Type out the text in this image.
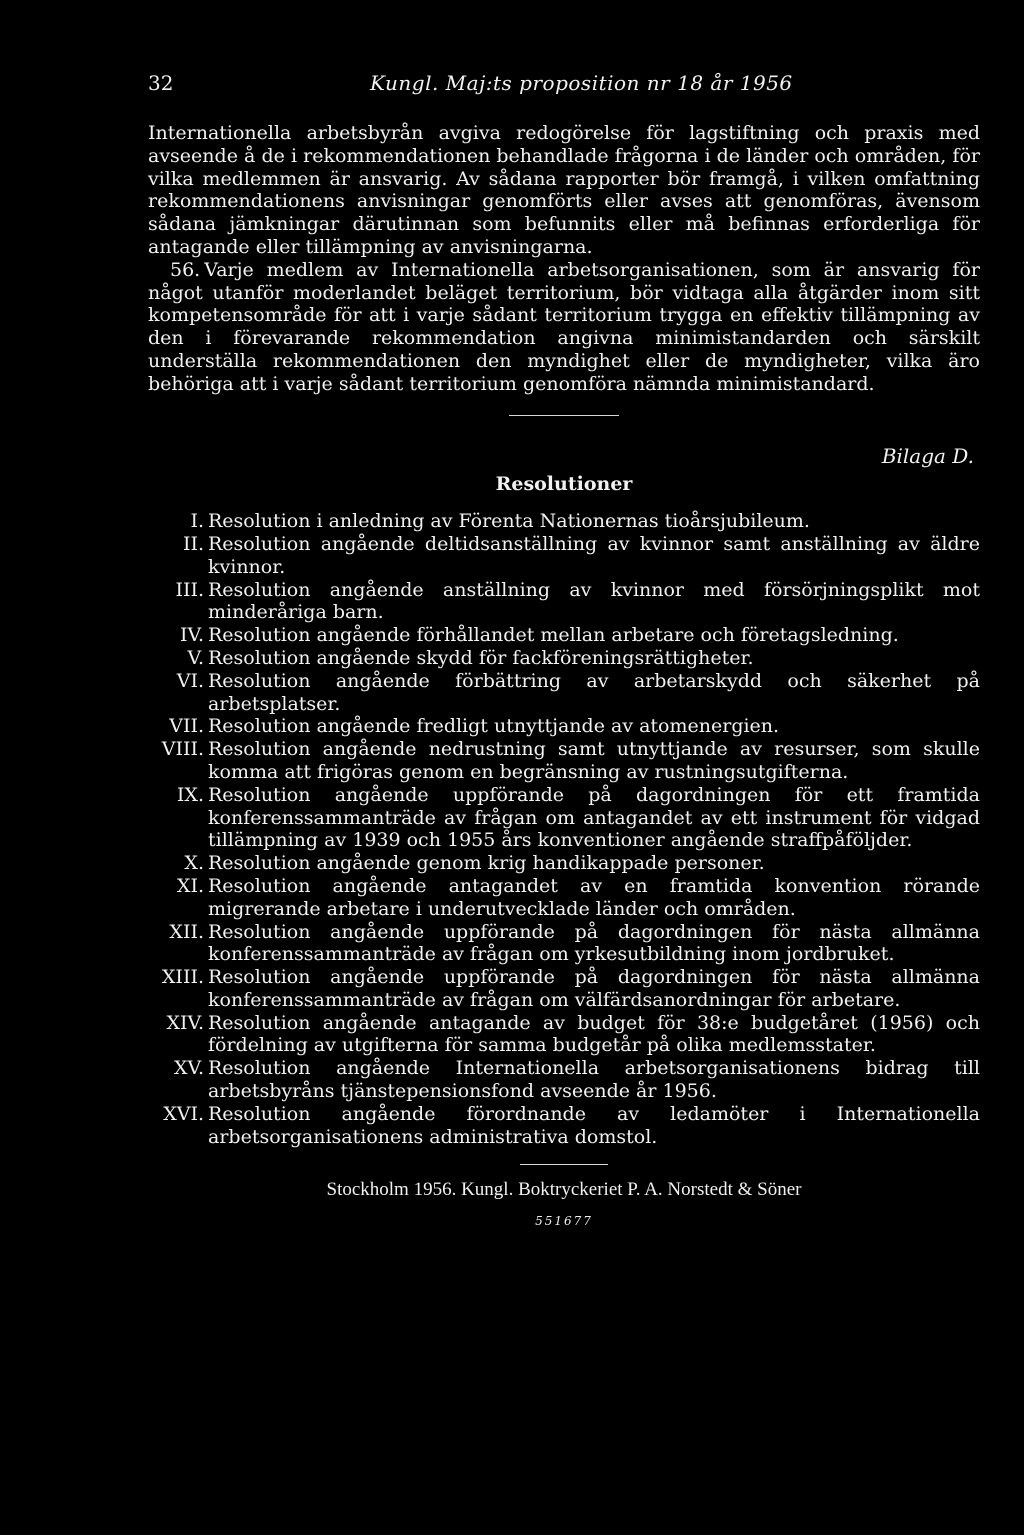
32	Kungl. Maj:ts proposition nr 18 år 1956

Internationella arbetsbyrån avgiva redogörelse för lagstiftning och praxis med avseende å de i rekommendationen behandlade frågorna i de länder och områden, för vilka medlemmen är ansvarig. Av sådana rapporter bör framgå, i vilken omfattning rekommendationens anvisningar genomförts eller avses att genomföras, ävensom sådana jämkningar därutinnan som befunnits eller må befinnas erforderliga för antagande eller tillämpning av anvisningarna.

56. Varje medlem av Internationella arbetsorganisationen, som är ansvarig för något utanför moderlandet beläget territorium, bör vidtaga alla åtgärder inom sitt kompetensområde för att i varje sådant territorium trygga en effektiv tillämpning av den i förevarande rekommendation angivna minimistandarden och särskilt underställa rekommendationen den myndighet eller de myndigheter, vilka äro behöriga att i varje sådant territorium genomföra nämnda minimistandard.

Bilaga D.
Resolutioner
I. Resolution i anledning av Förenta Nationernas tioårsjubileum.
II. Resolution angående deltidsanställning av kvinnor samt anställning av äldre kvinnor.
III. Resolution angående anställning av kvinnor med försörjningsplikt mot minderåriga barn.
IV. Resolution angående förhållandet mellan arbetare och företagsledning.
V. Resolution angående skydd för fackföreningsrättigheter.
VI. Resolution angående förbättring av arbetarskydd och säkerhet på arbetsplatser.
VII. Resolution angående fredligt utnyttjande av atomenergien.
VIII. Resolution angående nedrustning samt utnyttjande av resurser, som skulle komma att frigöras genom en begränsning av rustningsutgifterna.
IX. Resolution angående uppförande på dagordningen för ett framtida konferenssammanträde av frågan om antagandet av ett instrument för vidgad tillämpning av 1939 och 1955 års konventioner angående straffpåföljder.
X. Resolution angående genom krig handikappade personer.
XI. Resolution angående antagandet av en framtida konvention rörande migrerande arbetare i underutvecklade länder och områden.
XII. Resolution angående uppförande på dagordningen för nästa allmänna konferenssammanträde av frågan om yrkesutbildning inom jordbruket.
XIII. Resolution angående uppförande på dagordningen för nästa allmänna konferenssammanträde av frågan om välfärdsanordningar för arbetare.
XIV. Resolution angående antagande av budget för 38:e budgetåret (1956) och fördelning av utgifterna för samma budgetår på olika medlemsstater.
XV. Resolution angående Internationella arbetsorganisationens bidrag till arbetsbyråns tjänstepensionsfond avseende år 1956.
XVI. Resolution angående förordnande av ledamöter i Internationella arbetsorganisationens administrativa domstol.
Stockholm 1956. Kungl. Boktryckeriet P. A. Norstedt & Söner
551677
